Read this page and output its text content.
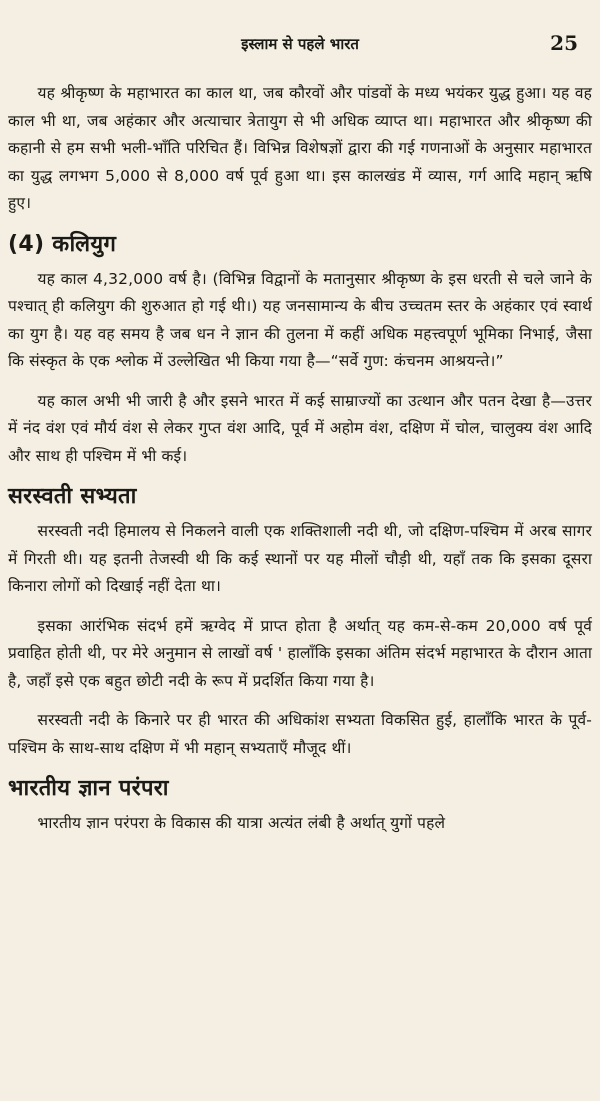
इस्लाम से पहले भारत	25

यह श्रीकृष्ण के महाभारत का काल था, जब कौरवों और पांडवों के मध्य भयंकर युद्ध हुआ। यह वह काल भी था, जब अहंकार और अत्याचार त्रेतायुग से भी अधिक व्याप्त था। महाभारत और श्रीकृष्ण की कहानी से हम सभी भली-भाँति परिचित हैं। विभिन्न विशेषज्ञों द्वारा की गई गणनाओं के अनुसार महाभारत का युद्ध लगभग 5,000 से 8,000 वर्ष पूर्व हुआ था। इस कालखंड में व्यास, गर्ग आदि महान् ऋषि हुए।

(4) कलियुग

यह काल 4,32,000 वर्ष है। (विभिन्न विद्वानों के मतानुसार श्रीकृष्ण के इस धरती से चले जाने के पश्चात् ही कलियुग की शुरुआत हो गई थी।) यह जनसामान्य के बीच उच्चतम स्तर के अहंकार एवं स्वार्थ का युग है। यह वह समय है जब धन ने ज्ञान की तुलना में कहीं अधिक महत्त्वपूर्ण भूमिका निभाई, जैसा कि संस्कृत के एक श्लोक में उल्लेखित भी किया गया है—“सर्वे गुण: कंचनम आश्रयन्ते।”

यह काल अभी भी जारी है और इसने भारत में कई साम्राज्यों का उत्थान और पतन देखा है—उत्तर में नंद वंश एवं मौर्य वंश से लेकर गुप्त वंश आदि, पूर्व में अहोम वंश, दक्षिण में चोल, चालुक्य वंश आदि और साथ ही पश्चिम में भी कई।

सरस्वती सभ्यता

सरस्वती नदी हिमालय से निकलने वाली एक शक्तिशाली नदी थी, जो दक्षिण-पश्चिम में अरब सागर में गिरती थी। यह इतनी तेजस्वी थी कि कई स्थानों पर यह मीलों चौड़ी थी, यहाँ तक कि इसका दूसरा किनारा लोगों को दिखाई नहीं देता था।

इसका आरंभिक संदर्भ हमें ऋग्वेद में प्राप्त होता है अर्थात् यह कम-से-कम 20,000 वर्ष पूर्व प्रवाहित होती थी, पर मेरे अनुमान से लाखों वर्ष ' हालाँकि इसका अंतिम संदर्भ महाभारत के दौरान आता है, जहाँ इसे एक बहुत छोटी नदी के रूप में प्रदर्शित किया गया है।

सरस्वती नदी के किनारे पर ही भारत की अधिकांश सभ्यता विकसित हुई, हालाँकि भारत के पूर्व-पश्चिम के साथ-साथ दक्षिण में भी महान् सभ्यताएँ मौजूद थीं।

भारतीय ज्ञान परंपरा

भारतीय ज्ञान परंपरा के विकास की यात्रा अत्यंत लंबी है अर्थात् युगों पहले
